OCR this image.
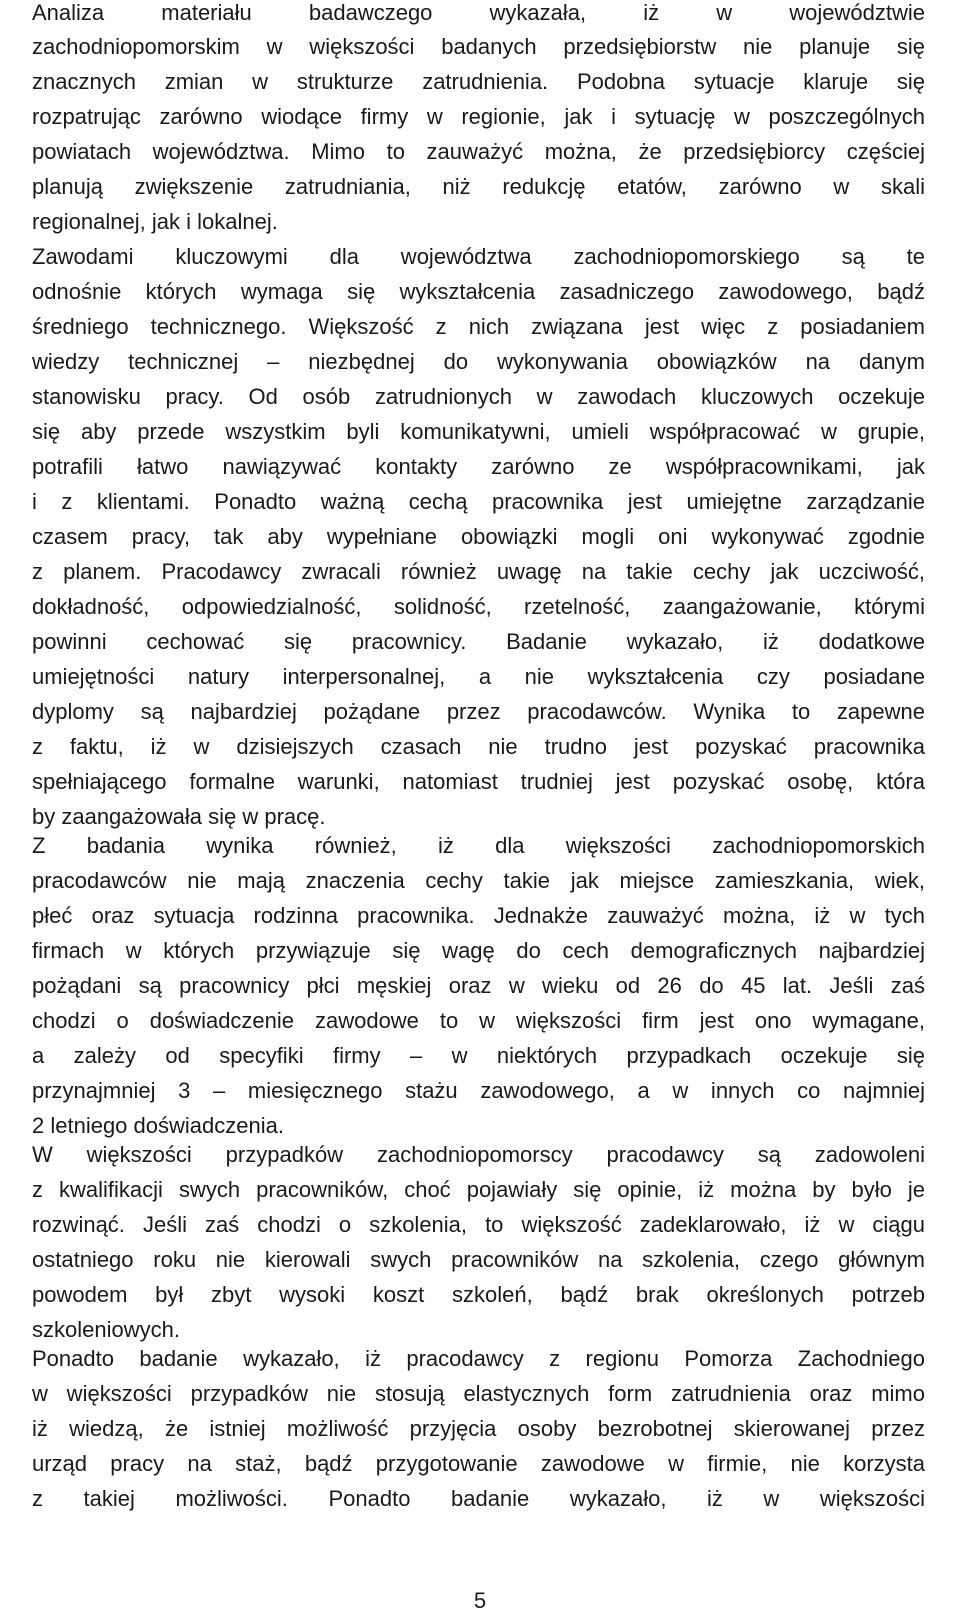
Analiza materiału badawczego wykazała, iż w województwie
zachodniopomorskim w większości badanych przedsiębiorstw nie planuje się
znacznych zmian w strukturze zatrudnienia. Podobna sytuacje klaruje się
rozpatrując zarówno wiodące firmy w regionie, jak i sytuację w poszczególnych
powiatach województwa. Mimo to zauważyć można, że przedsiębiorcy częściej
planują zwiększenie zatrudniania, niż redukcję etatów, zarówno w skali
regionalnej, jak i lokalnej.
Zawodami kluczowymi dla województwa zachodniopomorskiego są te
odnośnie których wymaga się wykształcenia zasadniczego zawodowego, bądź
średniego technicznego. Większość z nich związana jest więc z posiadaniem
wiedzy technicznej – niezbędnej do wykonywania obowiązków na danym
stanowisku pracy. Od osób zatrudnionych w zawodach kluczowych oczekuje
się aby przede wszystkim byli komunikatywni, umieli współpracować w grupie,
potrafili łatwo nawiązywać kontakty zarówno ze współpracownikami, jak
i z klientami. Ponadto ważną cechą pracownika jest umiejętne zarządzanie
czasem pracy, tak aby wypełniane obowiązki mogli oni wykonywać zgodnie
z planem. Pracodawcy zwracali również uwagę na takie cechy jak uczciwość,
dokładność, odpowiedzialność, solidność, rzetelność, zaangażowanie, którymi
powinni cechować się pracownicy. Badanie wykazało, iż dodatkowe
umiejętności natury interpersonalnej, a nie wykształcenia czy posiadane
dyplomy są najbardziej pożądane przez pracodawców. Wynika to zapewne
z faktu, iż w dzisiejszych czasach nie trudno jest pozyskać pracownika
spełniającego formalne warunki, natomiast trudniej jest pozyskać osobę, która
by zaangażowała się w pracę.
Z badania wynika również, iż dla większości zachodniopomorskich
pracodawców nie mają znaczenia cechy takie jak miejsce zamieszkania, wiek,
płeć oraz sytuacja rodzinna pracownika. Jednakże zauważyć można, iż w tych
firmach w których przywiązuje się wagę do cech demograficznych najbardziej
pożądani są pracownicy płci męskiej oraz w wieku od 26 do 45 lat. Jeśli zaś
chodzi o doświadczenie zawodowe to w większości firm jest ono wymagane,
a zależy od specyfiki firmy – w niektórych przypadkach oczekuje się
przynajmniej 3 – miesięcznego stażu zawodowego, a w innych co najmniej
2 letniego doświadczenia.
W większości przypadków zachodniopomorscy pracodawcy są zadowoleni
z kwalifikacji swych pracowników, choć pojawiały się opinie, iż można by było je
rozwinąć. Jeśli zaś chodzi o szkolenia, to większość zadeklarowało, iż w ciągu
ostatniego roku nie kierowali swych pracowników na szkolenia, czego głównym
powodem był zbyt wysoki koszt szkoleń, bądź brak określonych potrzeb
szkoleniowych.
Ponadto badanie wykazało, iż pracodawcy z regionu Pomorza Zachodniego
w większości przypadków nie stosują elastycznych form zatrudnienia oraz mimo
iż wiedzą, że istniej możliwość przyjęcia osoby bezrobotnej skierowanej przez
urząd pracy na staż, bądź przygotowanie zawodowe w firmie, nie korzysta
z takiej możliwości. Ponadto badanie wykazało, iż w większości
5
